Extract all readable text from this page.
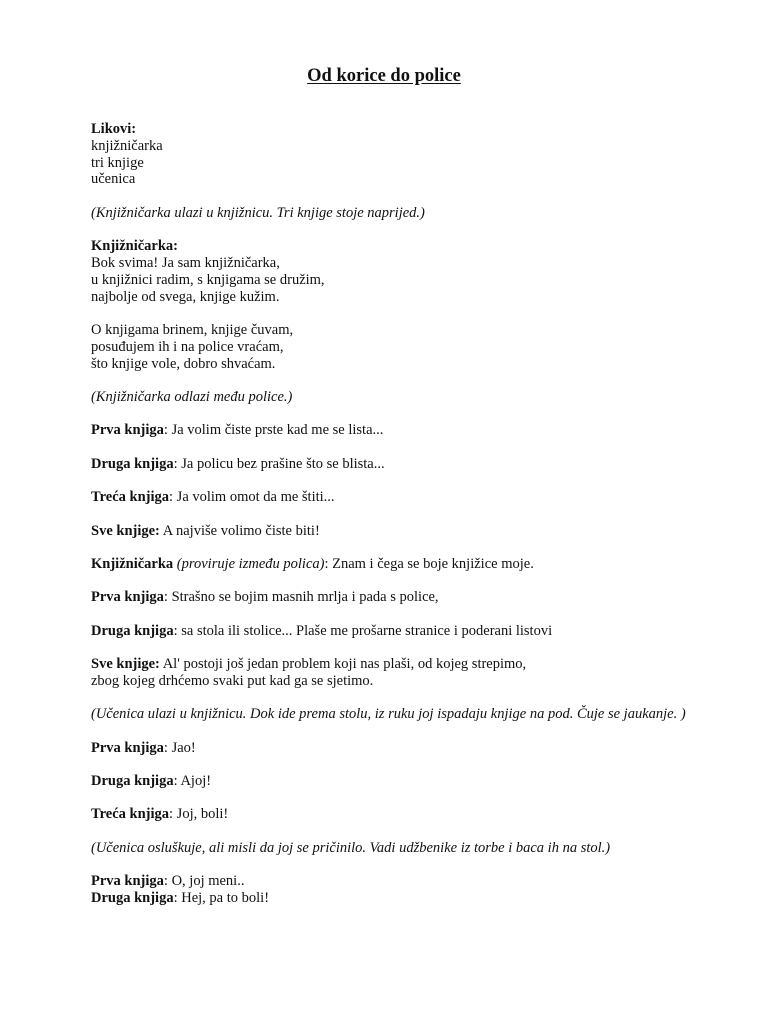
Od korice do police
Likovi:
knjižničarka
tri knjige
učenica
(Knjižničarka ulazi u knjižnicu. Tri knjige stoje naprijed.)
Knjižničarka:
Bok svima! Ja sam knjižničarka,
u knjižnici radim, s knjigama se družim,
najbolje od svega, knjige kužim.
O knjigama brinem, knjige čuvam,
posuđujem ih i na police vraćam,
što knjige vole, dobro shvaćam.
(Knjižničarka odlazi među police.)
Prva knjiga: Ja volim čiste prste kad me se lista...
Druga knjiga: Ja policu bez prašine što se blista...
Treća knjiga: Ja volim omot da me štiti...
Sve knjige: A najviše volimo čiste biti!
Knjižničarka (proviruje između polica): Znam i čega se boje knjižice moje.
Prva knjiga: Strašno se bojim masnih mrlja i pada s police,
Druga knjiga: sa stola ili stolice... Plaše me prošarne stranice i poderani listovi
Sve knjige: Al' postoji još jedan problem koji nas plaši, od kojeg strepimo,
zbog kojeg drhćemo svaki put kad ga se sjetimo.
(Učenica ulazi u knjižnicu. Dok ide prema stolu, iz ruku joj ispadaju knjige na pod. Čuje se jaukanje. )
Prva knjiga: Jao!
Druga knjiga: Ajoj!
Treća knjiga: Joj, boli!
(Učenica osluškuje, ali misli da joj se pričinilo. Vadi udžbenike iz torbe i baca ih na stol.)
Prva knjiga: O, joj meni..
Druga knjiga: Hej, pa to boli!
